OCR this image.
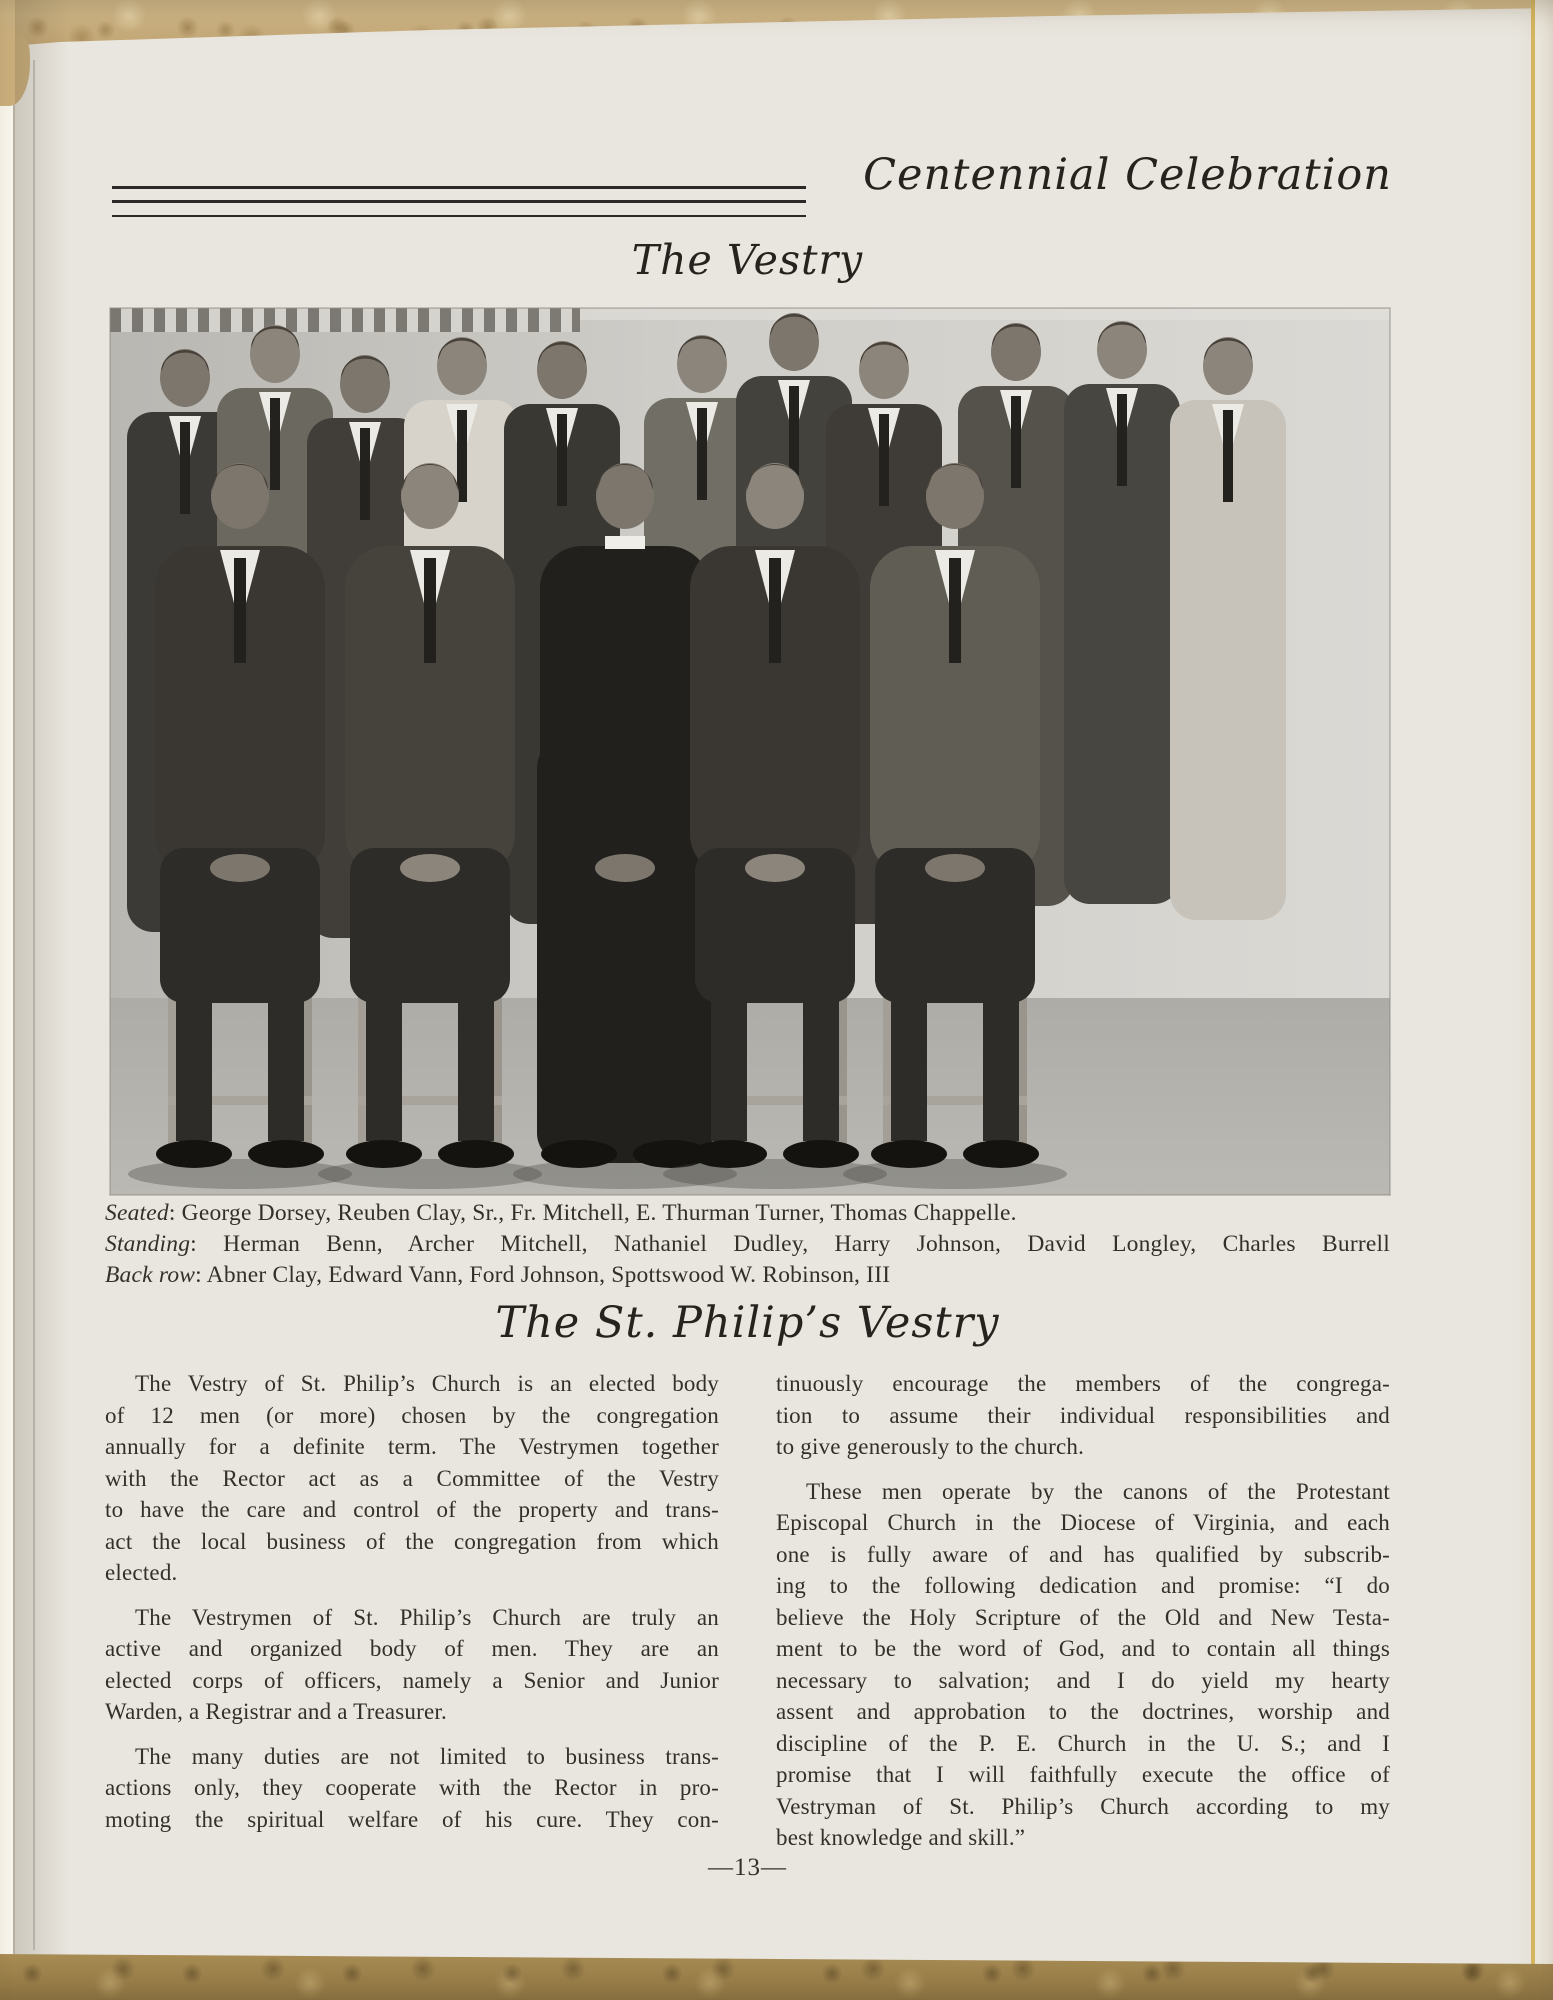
Centennial Celebration
The Vestry
Seated: George Dorsey, Reuben Clay, Sr., Fr. Mitchell, E. Thurman Turner, Thomas Chappelle.
Standing: Herman Benn, Archer Mitchell, Nathaniel Dudley, Harry Johnson, David Longley, Charles Burrell
Back row: Abner Clay, Edward Vann, Ford Johnson, Spottswood W. Robinson, III
The St. Philip’s Vestry
The Vestry of St. Philip’s Church is an elected body
of 12 men (or more) chosen by the congregation
annually for a definite term. The Vestrymen together
with the Rector act as a Committee of the Vestry
to have the care and control of the property and trans-
act the local business of the congregation from which
elected.
The Vestrymen of St. Philip’s Church are truly an
active and organized body of men. They are an
elected corps of officers, namely a Senior and Junior
Warden, a Registrar and a Treasurer.
The many duties are not limited to business trans-
actions only, they cooperate with the Rector in pro-
moting the spiritual welfare of his cure. They con-
tinuously encourage the members of the congrega-
tion to assume their individual responsibilities and
to give generously to the church.
These men operate by the canons of the Protestant
Episcopal Church in the Diocese of Virginia, and each
one is fully aware of and has qualified by subscrib-
ing to the following dedication and promise: “I do
believe the Holy Scripture of the Old and New Testa-
ment to be the word of God, and to contain all things
necessary to salvation; and I do yield my hearty
assent and approbation to the doctrines, worship and
discipline of the P. E. Church in the U. S.; and I
promise that I will faithfully execute the office of
Vestryman of St. Philip’s Church according to my
best knowledge and skill.”
—13—
